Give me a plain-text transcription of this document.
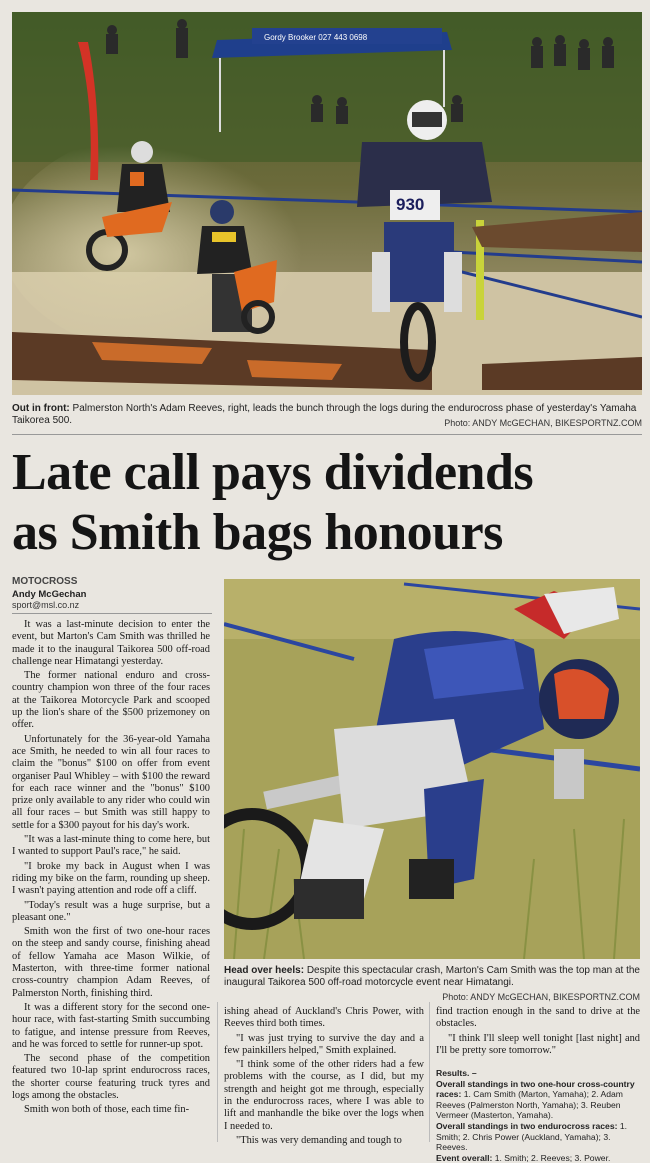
Gordy Brooker 027 443 0698
930
Out in front: Palmerston North's Adam Reeves, right, leads the bunch through the logs during the endurocross phase of yesterday's Yamaha Taikorea 500.	Photo: ANDY McGECHAN, BIKESPORTNZ.COM
Late call pays dividends
as Smith bags honours
MOTOCROSS
Andy McGechan
sport@msl.co.nz

It was a last-minute decision to enter the event, but Marton's Cam Smith was thrilled he made it to the inaugural Taikorea 500 off-road challenge near Himatangi yesterday.

The former national enduro and cross-country champion won three of the four races at the Taikorea Motorcycle Park and scooped up the lion's share of the $500 prizemoney on offer.

Unfortunately for the 36-year-old Yamaha ace Smith, he needed to win all four races to claim the "bonus" $100 on offer from event organiser Paul Whibley – with $100 the reward for each race winner and the "bonus" $100 prize only available to any rider who could win all four races – but Smith was still happy to settle for a $300 payout for his day's work.

"It was a last-minute thing to come here, but I wanted to support Paul's race," he said.

"I broke my back in August when I was riding my bike on the farm, rounding up sheep. I wasn't paying attention and rode off a cliff.

"Today's result was a huge surprise, but a pleasant one."

Smith won the first of two one-hour races on the steep and sandy course, finishing ahead of fellow Yamaha ace Mason Wilkie, of Masterton, with three-time former national cross-country champion Adam Reeves, of Palmerston North, finishing third.

It was a different story for the second one-hour race, with fast-starting Smith succumbing to fatigue, and intense pressure from Reeves, and he was forced to settle for runner-up spot.

The second phase of the competition featured two 10-lap sprint endurocross races, the shorter course featuring truck tyres and logs among the obstacles.

Smith won both of those, each time fin-

Head over heels: Despite this spectacular crash, Marton's Cam Smith was the top man at the inaugural Taikorea 500 off-road motorcycle event near Himatangi.
Photo: ANDY McGECHAN, BIKESPORTNZ.COM

ishing ahead of Auckland's Chris Power, with Reeves third both times.

"I was just trying to survive the day and a few painkillers helped," Smith explained.

"I think some of the other riders had a few problems with the course, as I did, but my strength and height got me through, especially in the endurocross races, where I was able to lift and manhandle the bike over the logs when I needed to.

"This was very demanding and tough to

find traction enough in the sand to drive at the obstacles.

"I think I'll sleep well tonight [last night] and I'll be pretty sore tomorrow."

Results. –

Overall standings in two one-hour cross-country races: 1. Cam Smith (Marton, Yamaha); 2. Adam Reeves (Palmerston North, Yamaha); 3. Reuben Vermeer (Masterton, Yamaha).

Overall standings in two endurocross races: 1. Smith; 2. Chris Power (Auckland, Yamaha); 3. Reeves.

Event overall: 1. Smith; 2. Reeves; 3. Power.
